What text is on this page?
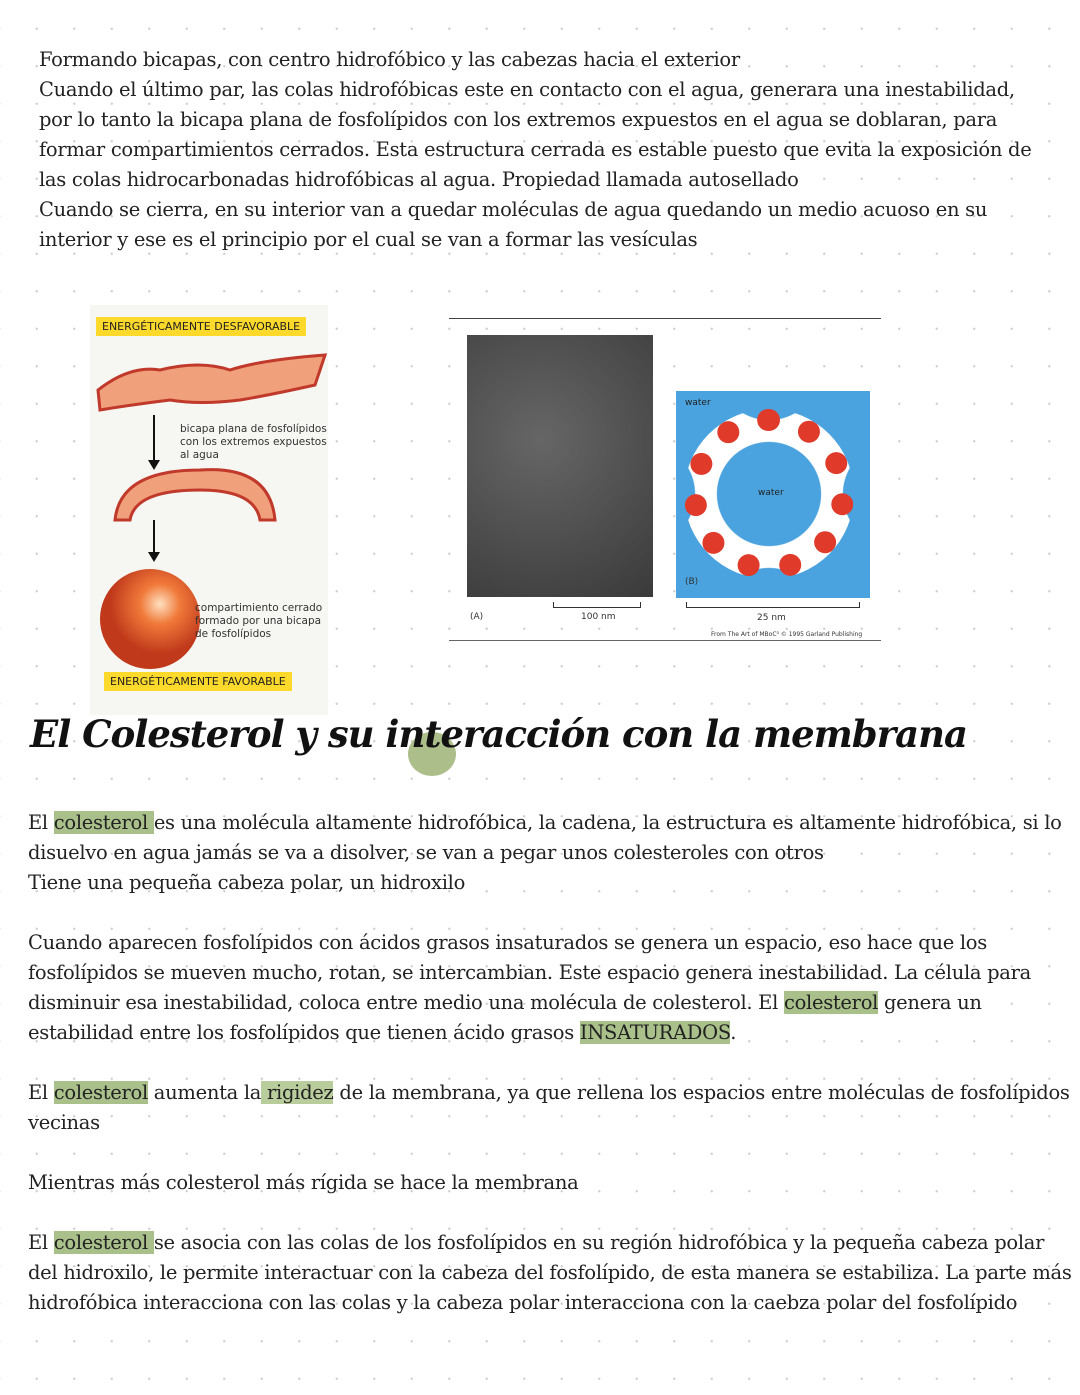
Formando bicapas, con centro hidrofóbico y las cabezas hacia el exterior
Cuando el último par, las colas hidrofóbicas este en contacto con el agua, generara una inestabilidad, por lo tanto la bicapa plana de fosfolípidos con los extremos expuestos en el agua se doblaran, para formar compartimientos cerrados. Esta estructura cerrada es estable puesto que evita la exposición de las colas hidrocarbonadas hidrofóbicas al agua. Propiedad llamada autosellado
Cuando se cierra, en su interior van a quedar moléculas de agua quedando un medio acuoso en su interior y ese es el principio por el cual se van a formar las vesículas
ENERGÉTICAMENTE DESFAVORABLE
bicapa plana de fosfolípidos con los extremos expuestos al agua
compartimiento cerrado formado por una bicapa de fosfolípidos
ENERGÉTICAMENTE FAVORABLE
water
water
(B)
(A)	100 nm	25 nm
From The Art of MBoC³ © 1995 Garland Publishing
El Colesterol y su interacción con la membrana
El colesterol es una molécula altamente hidrofóbica, la cadena, la estructura es altamente hidrofóbica, si lo disuelvo en agua jamás se va a disolver, se van a pegar unos colesteroles con otros
Tiene una pequeña cabeza polar, un hidroxilo
Cuando aparecen fosfolípidos con ácidos grasos insaturados se genera un espacio, eso hace que los fosfolípidos se mueven mucho, rotan, se intercambian. Este espacio genera inestabilidad. La célula para disminuir esa inestabilidad, coloca entre medio una molécula de colesterol. El colesterol genera un estabilidad entre los fosfolípidos que tienen ácido grasos INSATURADOS.
El colesterol aumenta la rigidez de la membrana, ya que rellena los espacios entre moléculas de fosfolípidos vecinas
Mientras más colesterol más rígida se hace la membrana
El colesterol se asocia con las colas de los fosfolípidos en su región hidrofóbica y la pequeña cabeza polar del hidroxilo, le permite interactuar con la cabeza del fosfolípido, de esta manera se estabiliza. La parte más hidrofóbica interacciona con las colas y la cabeza polar interacciona con la caebza polar del fosfolípido
